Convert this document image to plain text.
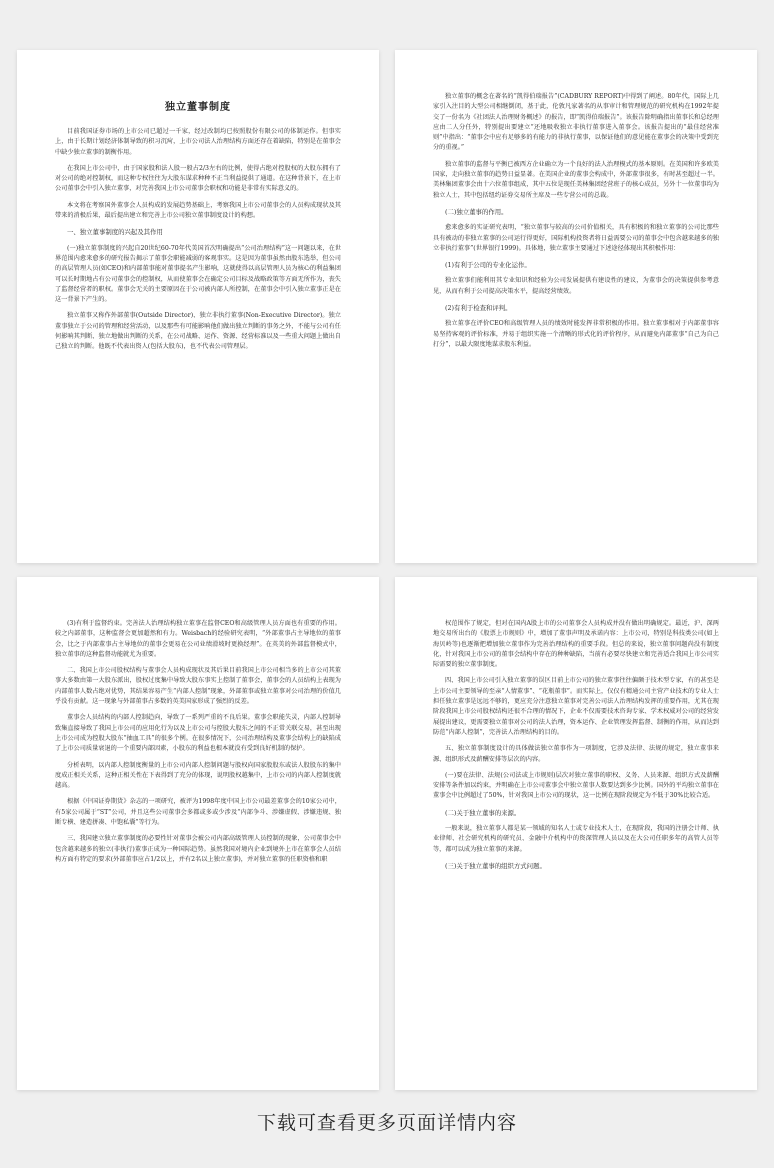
独立董事制度

目前我国证券市场的上市公司已超过一千家，经过改制均已按照股份有限公司的体制运作。但事实上，由于长期计划经济体制导致的积习沉疴，上市公司法人治理结构方面还存在着缺陷，特别是在董事会中缺少独立董事的制衡作用。

在我国上市公司中，由于国家股和法人股一般占2/3左右的比例，使得占绝对控股权的大股东拥有了对公司的绝对控制权，而这种专权往往为大股东谋求种种不正当利益提供了通道。在这种背景下，在上市公司董事会中引入独立董事，对完善我国上市公司董事会职权和功能是非常有实际意义的。

本文将在考察国外董事会人员构成的发展趋势基础上，考察我国上市公司董事会的人员构成现状及其带来的消极后果，最后提出建立和完善上市公司独立董事制度设计的构想。

一、独立董事制度的兴起及其作用

(一)独立董事制度的兴起自20世纪60-70年代美国首次明确提出“公司治理结构”这一问题以来，在世界范围内愈来愈多的研究报告揭示了董事会职能减弱的客观事实。这是因为董事虽然由股东选举，但公司的高层管理人员(如CEO)和内部董事能对董事提名产生影响，这就使得以高层管理人员为核心的利益集团可以长时期地占有公司董事会的控制权，从而使董事会在确定公司目标及战略政策等方面无所作为，丧失了监督经营者的职权。董事会无关的主要原因在于公司被内部人所控制，在董事会中引入独立董事正是在这一背景下产生的。

独立董事又称作外部董事(Outside Director)、独立非执行董事(Non-Executive Director)。独立董事独立于公司的管理和经营活动，以及那些有可能影响他们做出独立判断的事务之外，不能与公司有任何影响其判断、独立地做出判断的关系，在公司战略、运作、资源、经营标准以及一些重大问题上做出自己独立的判断。他既不代表出资人(包括大股东)，也不代表公司管理层。

独立董事的概念在著名的“凯得伯瑞报告”(CADBURY REPORT)中得到了阐述。80年代，国际上几家引入注目的大型公司相继倒闭，基于此，伦敦凡家著名的从事审计和管理规范的研究机构在1992年提交了一份名为《社团法人治理财务概述》的报告，即“凯得伯瑞报告”。该报告除明确指出董事长和总经理应由二人分任外，特别提出要建立“还地吸收独立非执行董事进入董事会。该报告提出的“最佳经营准则”中指出：“董事会中应有足够多的有能力的非执行董事，以保证他们的意见能在董事会的决策中受到充分的重视。”

独立董事的监督与平衡已被西方企业确立为一个良好的法人治理模式的基本原则。在美国和许多欧美国家，走向独立董事的趋势日益显著。在美国企业的董事会构成中，外部董事很多，有时甚至超过一半。美林集团董事会由十六位董事组成，其中五位是现任美林集团经营班子的核心成员，另外十一位董事均为独立人士，其中包括纽约证券交易所主席及一些专营公司的总裁。

(二)独立董事的作用。

愈来愈多的实证研究表明，“独立董事与较高的公司价值相关，具有积极的和独立董事的公司比那些具有被动的非独立董事的公司运行得更好，国际机构投资者将日益需要公司的董事会中包含越来越多的独立非执行董事”(世界银行1999)。具体地，独立董事主要通过下述途径体现出其积极作用：

(1)有利于公司的专业化运作。

独立董事们能利用其专业知识和经验为公司发展提供有建设性的建议，为董事会的决策提供参考意见，从而有利于公司提高决策水平，提高经营绩效。

(2)有利于检查和评判。

独立董事在评价CEO和高级管理人员的绩效时能发挥非常积极的作用。独立董事相对于内部董事容易坚持客观的评价标准，并易于组织实施一个清晰的形式化的评价程序，从而避免内部董事“自己为自己打分”，以最大限度地谋求股东利益。

(3)有利于监督约束。完善法人治理结构独立董事在监督CEO和高级管理人员方面也有重要的作用。较之内部董事，这种监督会更加超然和有力。Weisbach的经验研究表明，“外部董事占主导地位的董事会，比之于内部董事占主导地位的董事会更易在公司业绩滑坡时更换经理”。在英美的外部监督模式中，独立董事的这种监督功能就尤为重要。

二、我国上市公司股权结构与董事会人员构成现状及其后果目前我国上市公司相当多的上市公司其董事大多数由第一大股东派出，股权过度集中导致大股东事实上控制了董事会，董事会的人员结构上表现为内部董事人数占绝对优势，其结果容易产生“内部人控制”现象，外部董事或独立董事对公司治理的价值几乎没有贡献。这一现象与外部董事占多数的英美国家形成了强烈的反差。

董事会人员结构的内部人控制趋向，导致了一系列严重的不良后果。董事会职能失灵，内部人控制导致集直接导致了我国上市公司的应用化行为以及上市公司与控股大股东之间的不正常关联交易，甚至出现上市公司成为控股大股东“抽血工具”的很多个例。在很多情况下，公司治理结构及董事会结构上的缺陷成了上市公司质量衰退的一个重要内部因素，小股东的利益也根本就没有受到良好机制的保护。

分析表明，以内部人控制度衡量的上市公司内部人控制问题与股权向国家股股东或法人股股东的集中度成正相关关系，这种正相关性在下表得到了充分的体现，说明股权越集中，上市公司的内部人控制度就越高。

根据《中国证券期货》杂志的一项研究，被评为1998年度中国上市公司最差董事会的10家公司中，有5家公司属于“ST”公司，并且这些公司董事会多都或多或少涉及“内部争斗、涉嫌虚假、涉嫌违规、独断专横、建造拼凑、中饱私囊”等行为。

三、我国建立独立董事制度的必要性针对董事会被公司内部高级管理人员控制的现象，公司董事会中包含越来越多的独立(非执行)董事正成为一种国际趋势。虽然我国对境内企业到境外上市在董事会人员结构方面有特定的要求(外部董事应占1/2以上，并有2名以上独立董事)，并对独立董事的任职资格和职

权范围作了规定，但对在国内A股上市的公司董事会人员构成并没有做出明确规定。最近，沪、深两地交易所出台的《股票上市规则》中，增加了董事声明及承诺内容：上市公司，特别是科技类公司(如上海贝岭等)也逐渐把增加独立董事作为完善治理结构的重要手段。但总的来说，独立董事问题尚没有制度化，针对我国上市公司的董事会结构中存在的种种缺陷，当前有必要尽快建立和完善适合我国上市公司实际需要的独立董事制度。

四、我国上市公司引入独立董事的误区目前上市公司的独立董事往往偏颇于技术型专家，有的甚至是上市公司主要领导的至亲“人情董事”、“花瓶董事”。而实际上，仅仅有精通公司主营产业技术的专业人士担任独立董事是远远不够的，更应充分注意独立董事对完善公司法人治理结构发挥的重要作用，尤其在现阶段我国上市公司股权结构还很不合理的情况下，企业不仅需要技术咨询专家、学术权威对公司的经营发展提出建议，更需要独立董事对公司的法人治理，资本运作、企业管理发挥监督、制衡的作用，从而达到防范“内部人控制”，完善法人治理结构的目的。

五、独立董事制度设计的具体做法独立董事作为一项制度，它涉及法律、法规的规定，独立董事来源、组织形式及薪酬安排等层次的内容。

(一)要在法律、法规(公司法或上市规则)层次对独立董事的职权、义务、人员来源、组织方式及薪酬安排等条件加以约束，并明确在上市公司董事会中独立董事人数要达到多少比例。国外的平均独立董事在董事会中比例超过了50%，针对我国上市公司的现状，这一比例在现阶段规定为不低于30%比较合适。

(二)关于独立董事的来源。

一般来说，独立董事人都是某一领域的知名人士或专业技术人士，在现阶段，我国的注册会计师、执业律师、社会研究机构的研究员、金融中介机构中的资深管理人员以及在大公司任职多年的高管人员等等，都可以成为独立董事的来源。

(三)关于独立董事的组织方式问题。

下载可查看更多页面详情内容
